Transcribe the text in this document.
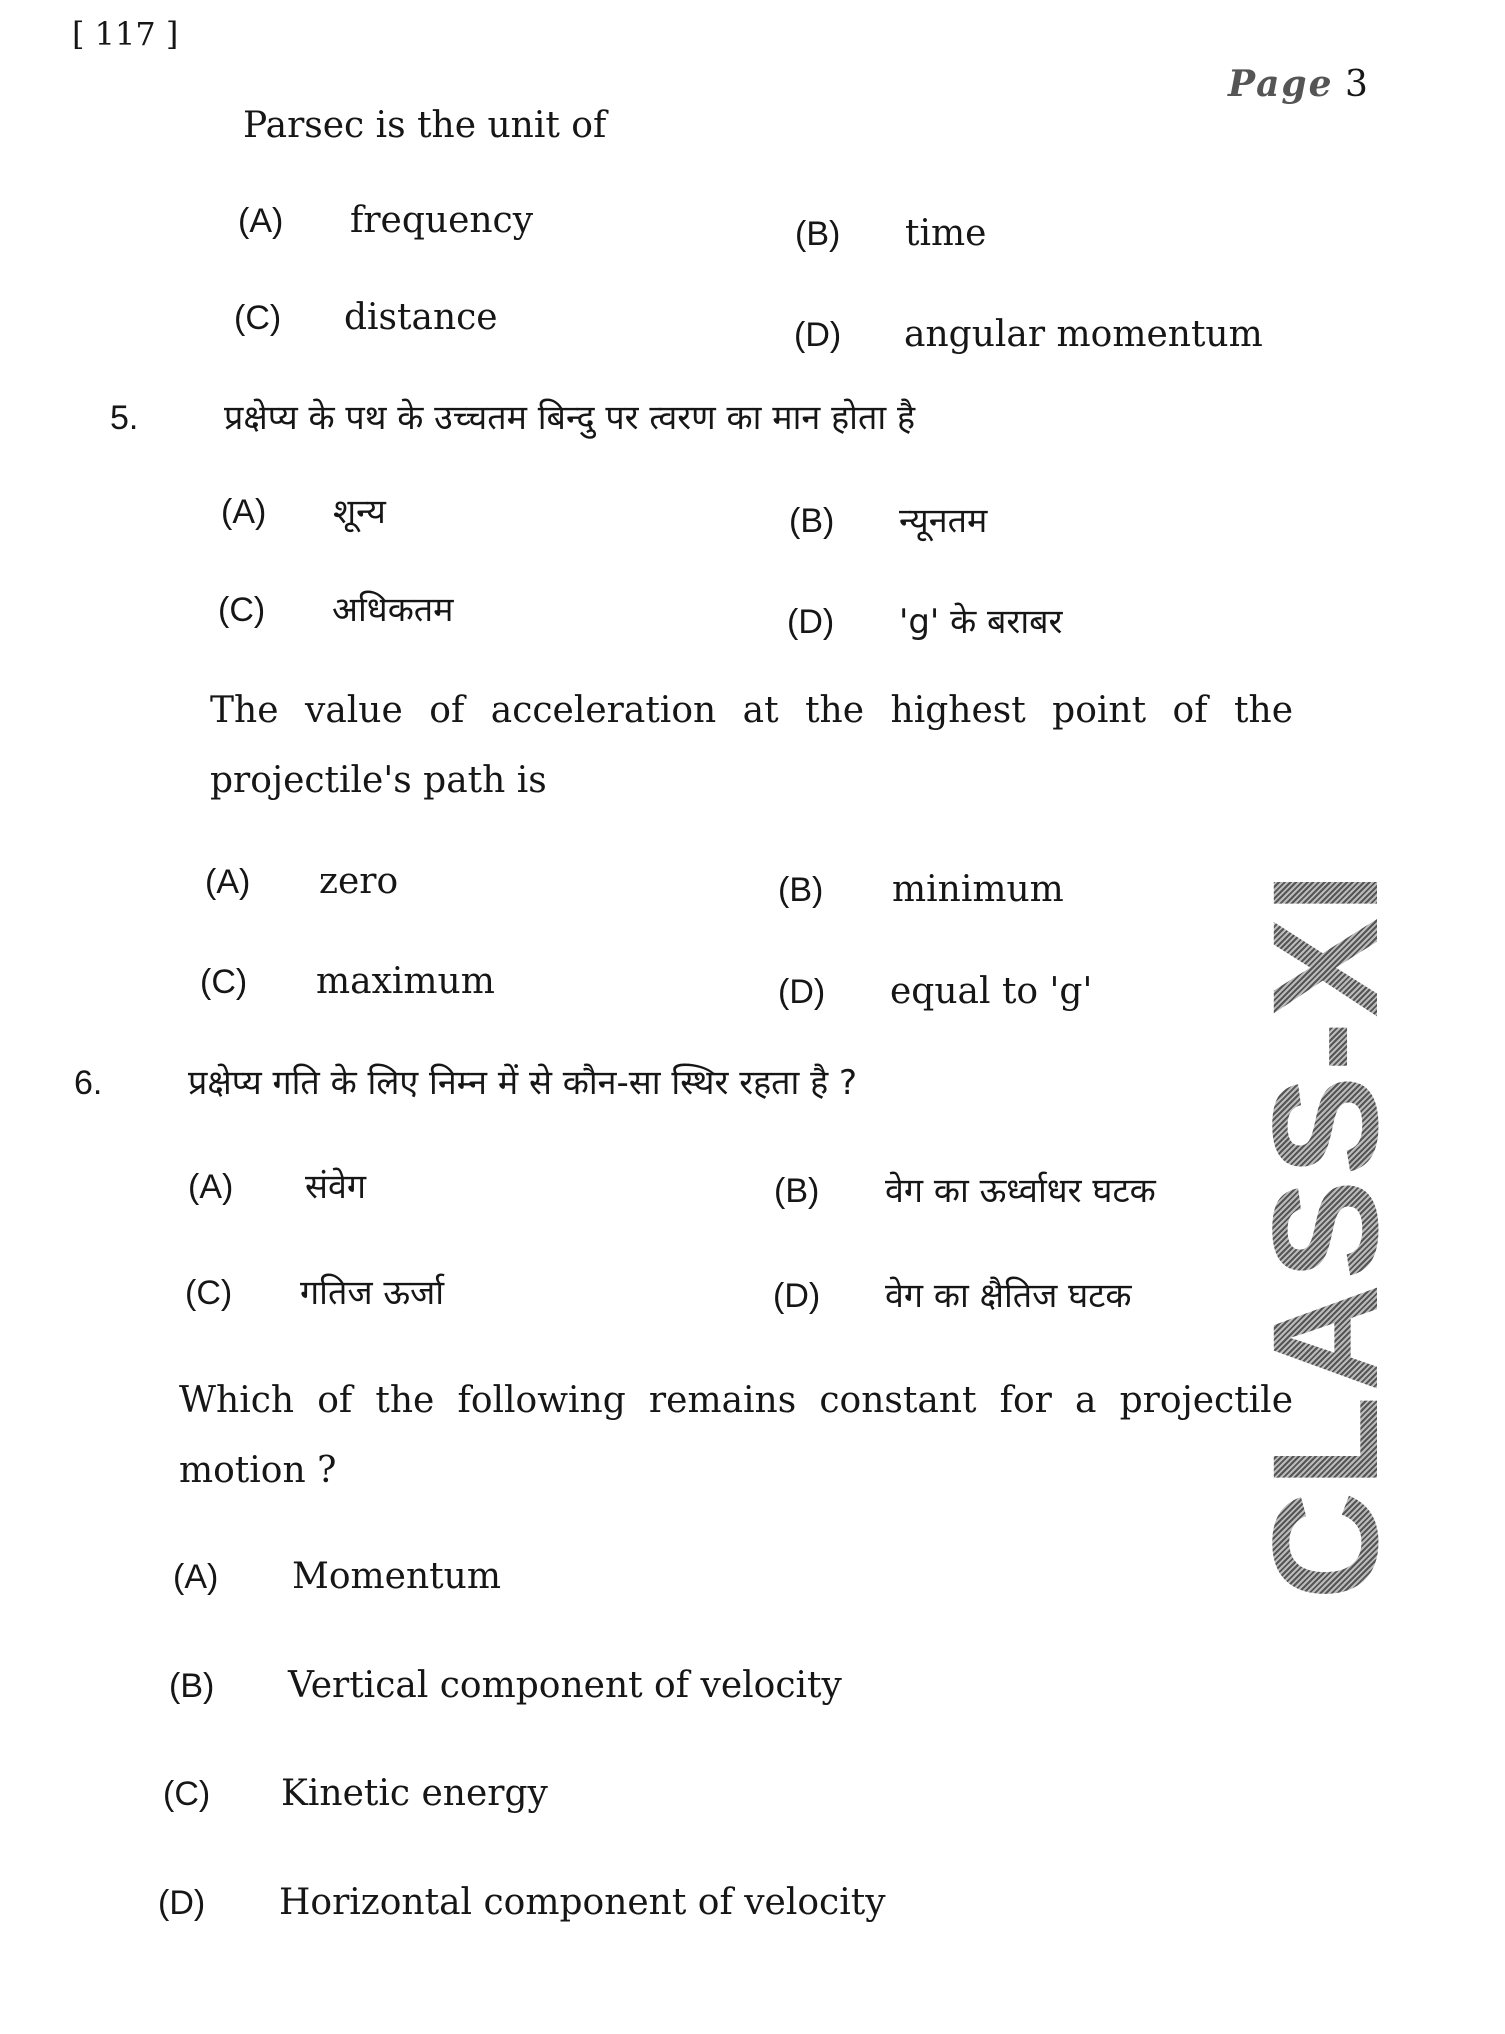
[ 117 ]
Page 3
CLASS-XI
Parsec is the unit of
(A) frequency	(B) time
(C) distance	(D) angular momentum
5.	प्रक्षेप्य के पथ के उच्चतम बिन्दु पर त्वरण का मान होता है
(A) शून्य	(B) न्यूनतम
(C) अधिकतम	(D) 'g' के बराबर
The value of acceleration at the highest point of the projectile's path is
(A) zero	(B) minimum
(C) maximum	(D) equal to 'g'
6.	प्रक्षेप्य गति के लिए निम्न में से कौन-सा स्थिर रहता है ?
(A) संवेग	(B) वेग का ऊर्ध्वाधर घटक
(C) गतिज ऊर्जा	(D) वेग का क्षैतिज घटक
Which of the following remains constant for a projectile motion ?
(A) Momentum
(B) Vertical component of velocity
(C) Kinetic energy
(D) Horizontal component of velocity
